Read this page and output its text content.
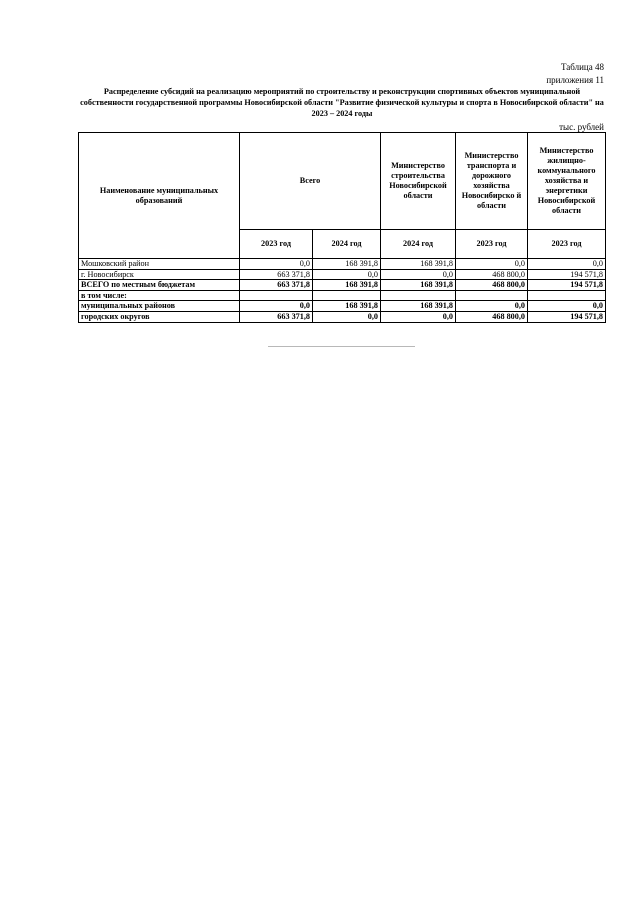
Таблица 48
приложения 11
Распределение субсидий на реализацию мероприятий по строительству и реконструкции спортивных объектов муниципальной собственности государственной программы Новосибирской области "Развитие физической культуры и спорта в Новосибирской области" на 2023 – 2024 годы
тыс. рублей
Наименование муниципальных образований	Всего		Министерство строительства Новосибирской области	Министерство транспорта и дорожного хозяйства Новосибирско й области	Министерство жилищно-коммунального хозяйства и энергетики Новосибирской области
	2023 год	2024 год	2024 год	2023 год	2023 год
Мошковский район	0,0	168 391,8	168 391,8	0,0	0,0
г. Новосибирск	663 371,8	0,0	0,0	468 800,0	194 571,8
ВСЕГО по местным бюджетам	663 371,8	168 391,8	168 391,8	468 800,0	194 571,8
в том числе:					
муниципальных районов	0,0	168 391,8	168 391,8	0,0	0,0
городских округов	663 371,8	0,0	0,0	468 800,0	194 571,8
